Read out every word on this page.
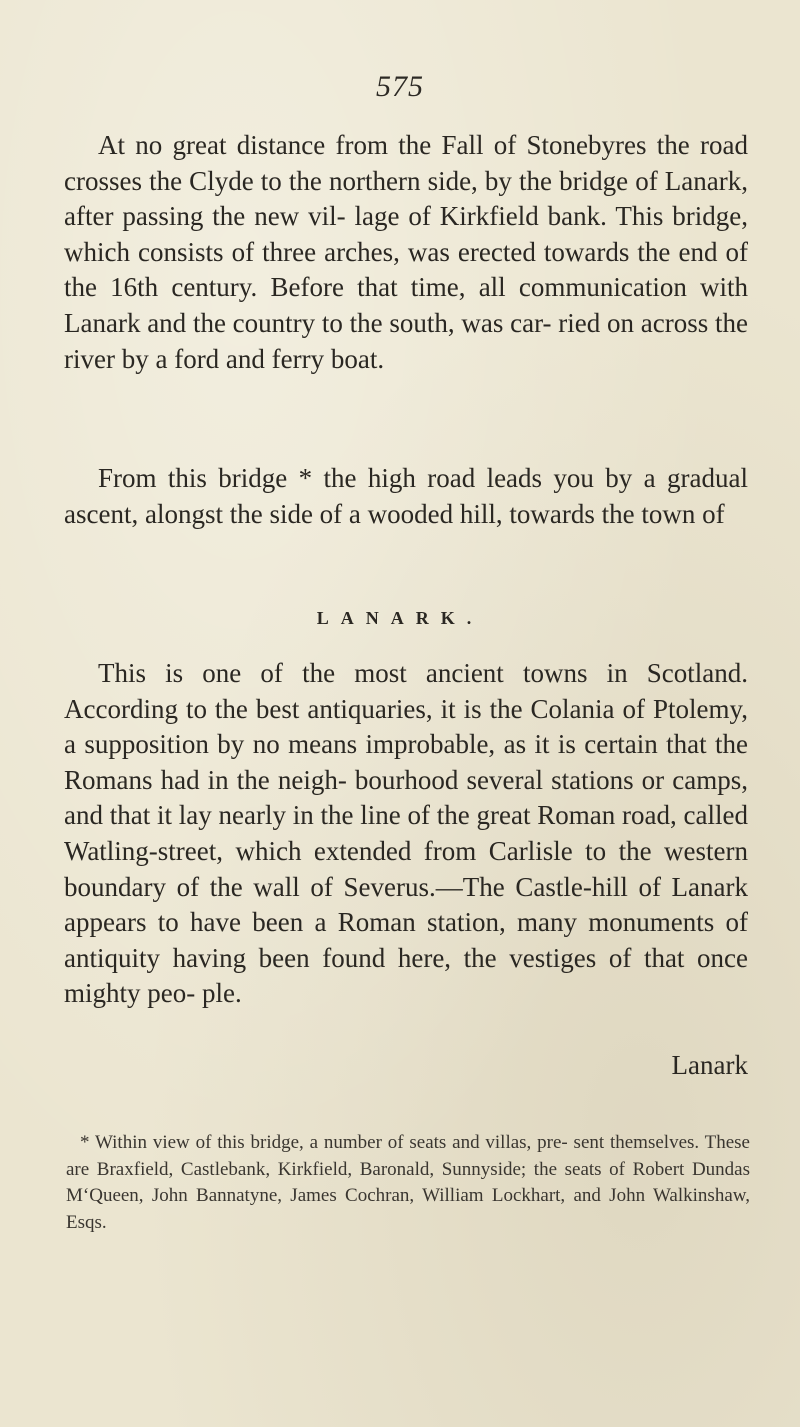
575

At no great distance from the Fall of Stonebyres the road crosses the Clyde to the northern side, by the bridge of Lanark, after passing the new vil- lage of Kirkfield bank. This bridge, which consists of three arches, was erected towards the end of the 16th century. Before that time, all communication with Lanark and the country to the south, was car- ried on across the river by a ford and ferry boat.

From this bridge * the high road leads you by a gradual ascent, alongst the side of a wooded hill, towards the town of

LANARK.

This is one of the most ancient towns in Scotland. According to the best antiquaries, it is the Colania of Ptolemy, a supposition by no means improbable, as it is certain that the Romans had in the neigh- bourhood several stations or camps, and that it lay nearly in the line of the great Roman road, called Watling-street, which extended from Carlisle to the western boundary of the wall of Severus.—The Castle-hill of Lanark appears to have been a Roman station, many monuments of antiquity having been found here, the vestiges of that once mighty peo- ple.

Lanark

* Within view of this bridge, a number of seats and villas, pre- sent themselves. These are Braxfield, Castlebank, Kirkfield, Baronald, Sunnyside; the seats of Robert Dundas M‘Queen, John Bannatyne, James Cochran, William Lockhart, and John Walkinshaw, Esqs.
